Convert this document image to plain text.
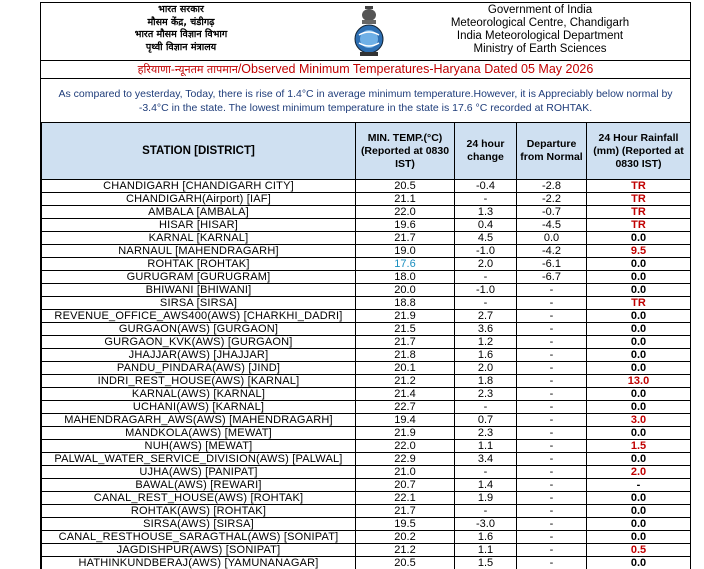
भारत सरकार
मौसम केंद्र, चंडीगढ़
भारत मौसम विज्ञान विभाग
पृथ्वी विज्ञान मंत्रालय
Government of India
Meteorological Centre, Chandigarh
India Meteorological Department
Ministry of Earth Sciences
हरियाणा-न्यूनतम तापमान/Observed Minimum Temperatures-Haryana Dated 05 May 2026
As compared to yesterday, Today, there is rise of 1.4°C in average minimum temperature.However, it is Appreciably below normal by -3.4°C in the state. The lowest minimum temperature in the state is 17.6 °C recorded at ROHTAK.
STATION [DISTRICT]	MIN. TEMP.(°C) (Reported at 0830 IST)	24 hour change	Departure from Normal	24 Hour Rainfall (mm) (Reported at 0830 IST)
CHANDIGARH [CHANDIGARH CITY]	20.5	-0.4	-2.8	TR
CHANDIGARH(Airport) [IAF]	21.1	-	-2.2	TR
AMBALA [AMBALA]	22.0	1.3	-0.7	TR
HISAR [HISAR]	19.6	0.4	-4.5	TR
KARNAL [KARNAL]	21.7	4.5	0.0	0.0
NARNAUL [MAHENDRAGARH]	19.0	-1.0	-4.2	9.5
ROHTAK [ROHTAK]	17.6	2.0	-6.1	0.0
GURUGRAM [GURUGRAM]	18.0	-	-6.7	0.0
BHIWANI [BHIWANI]	20.0	-1.0	-	0.0
SIRSA [SIRSA]	18.8	-	-	TR
REVENUE_OFFICE_AWS400(AWS) [CHARKHI_DADRI]	21.9	2.7	-	0.0
GURGAON(AWS) [GURGAON]	21.5	3.6	-	0.0
GURGAON_KVK(AWS) [GURGAON]	21.7	1.2	-	0.0
JHAJJAR(AWS) [JHAJJAR]	21.8	1.6	-	0.0
PANDU_PINDARA(AWS) [JIND]	20.1	2.0	-	0.0
INDRI_REST_HOUSE(AWS) [KARNAL]	21.2	1.8	-	13.0
KARNAL(AWS) [KARNAL]	21.4	2.3	-	0.0
UCHANI(AWS) [KARNAL]	22.7	-	-	0.0
MAHENDRAGARH_AWS(AWS) [MAHENDRAGARH]	19.4	0.7	-	3.0
MANDKOLA(AWS) [MEWAT]	21.9	2.3	-	0.0
NUH(AWS) [MEWAT]	22.0	1.1	-	1.5
PALWAL_WATER_SERVICE_DIVISION(AWS) [PALWAL]	22.9	3.4	-	0.0
UJHA(AWS) [PANIPAT]	21.0	-	-	2.0
BAWAL(AWS) [REWARI]	20.7	1.4	-	-
CANAL_REST_HOUSE(AWS) [ROHTAK]	22.1	1.9	-	0.0
ROHTAK(AWS) [ROHTAK]	21.7	-	-	0.0
SIRSA(AWS) [SIRSA]	19.5	-3.0	-	0.0
CANAL_RESTHOUSE_SARAGTHAL(AWS) [SONIPAT]	20.2	1.6	-	0.0
JAGDISHPUR(AWS) [SONIPAT]	21.2	1.1	-	0.5
HATHINKUNDBERAJ(AWS) [YAMUNANAGAR]	20.5	1.5	-	0.0
